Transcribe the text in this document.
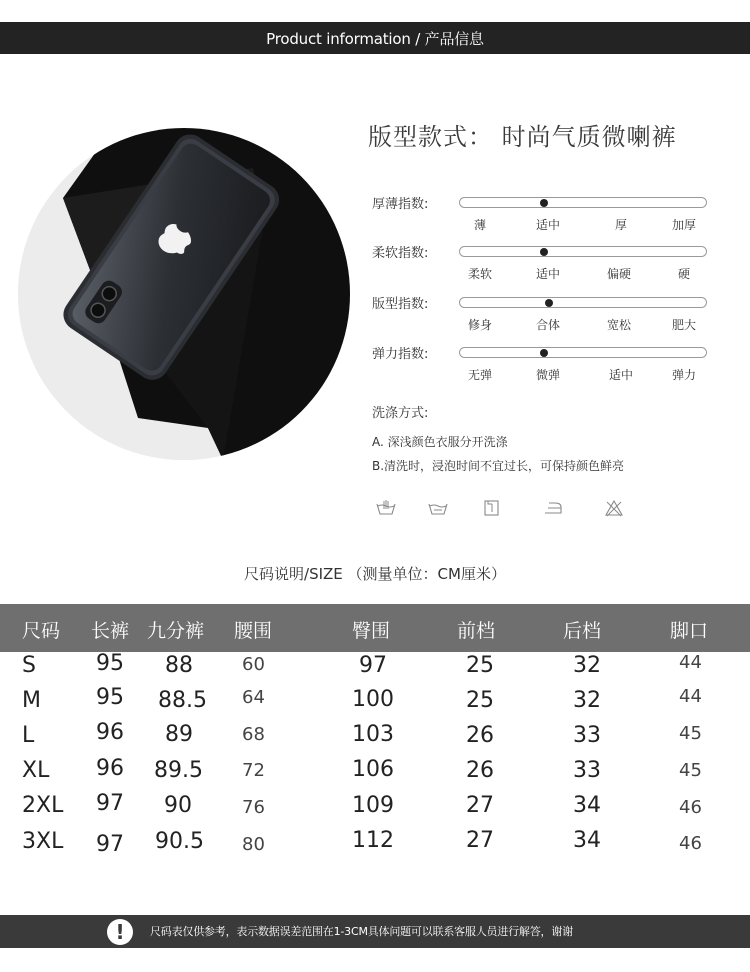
Product information / 产品信息
版型款式： 时尚气质微喇裤
厚薄指数:
薄	适中	厚	加厚
柔软指数:
柔软	适中	偏硬	硬
版型指数:
修身	合体	宽松	肥大
弹力指数:
无弹	微弹	适中	弹力
洗涤方式:
A. 深浅颜色衣服分开洗涤
B.清洗时，浸泡时间不宜过长，可保持颜色鲜亮
尺码说明/SIZE （测量单位：CM厘米）
尺码 长裤 九分裤 腰围	臀围	前档	后档	脚口
S	95 88	60	97	25	32	44
M	95 88.5 64	100	25	32	44
L	96 89	68	103	26	33	45
XL 96 89.5 72	106	26	33	45
2XL 97 90	76	109	27	34	46
3XL 97 90.5 80	112	27	34	46
!	尺码表仅供参考，表示数据误差范围在1-3CM具体问题可以联系客服人员进行解答，谢谢
